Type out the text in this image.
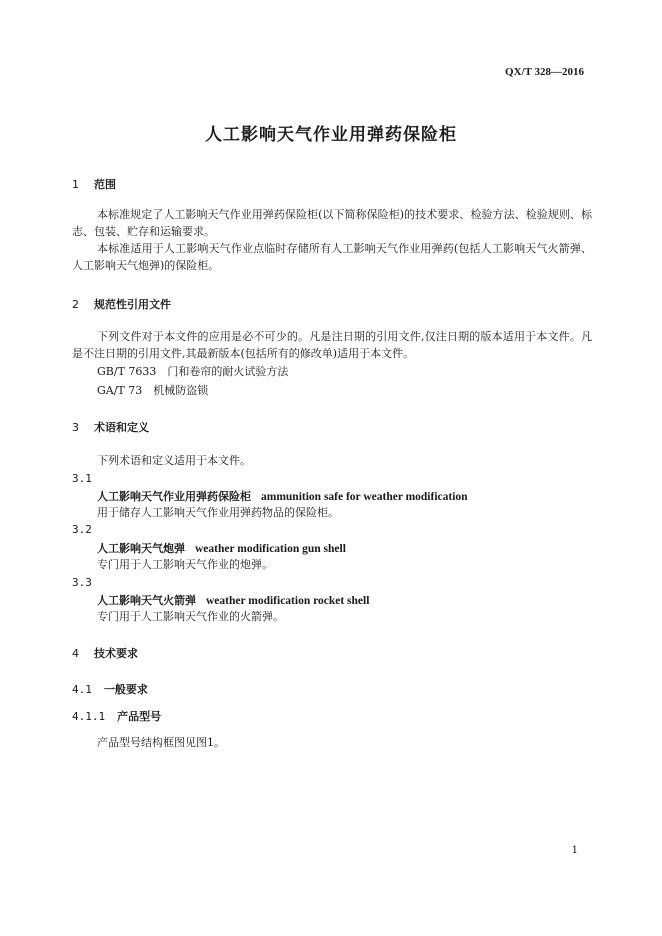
QX/T 328—2016
人工影响天气作业用弹药保险柜
1 范围
本标准规定了人工影响天气作业用弹药保险柜(以下简称保险柜)的技术要求、检验方法、检验规则、标志、包装、贮存和运输要求。
本标准适用于人工影响天气作业点临时存储所有人工影响天气作业用弹药(包括人工影响天气火箭弹、人工影响天气炮弹)的保险柜。
2 规范性引用文件
下列文件对于本文件的应用是必不可少的。凡是注日期的引用文件,仅注日期的版本适用于本文件。凡是不注日期的引用文件,其最新版本(包括所有的修改单)适用于本文件。
GB/T 7633　门和卷帘的耐火试验方法
GA/T 73　机械防盗锁
3 术语和定义
下列术语和定义适用于本文件。
3.1
人工影响天气作业用弹药保险柜 ammunition safe for weather modification
用于储存人工影响天气作业用弹药物品的保险柜。
3.2
人工影响天气炮弹 weather modification gun shell
专门用于人工影响天气作业的炮弹。
3.3
人工影响天气火箭弹 weather modification rocket shell
专门用于人工影响天气作业的火箭弹。
4 技术要求
4.1 一般要求
4.1.1 产品型号
产品型号结构框图见图1。
1
